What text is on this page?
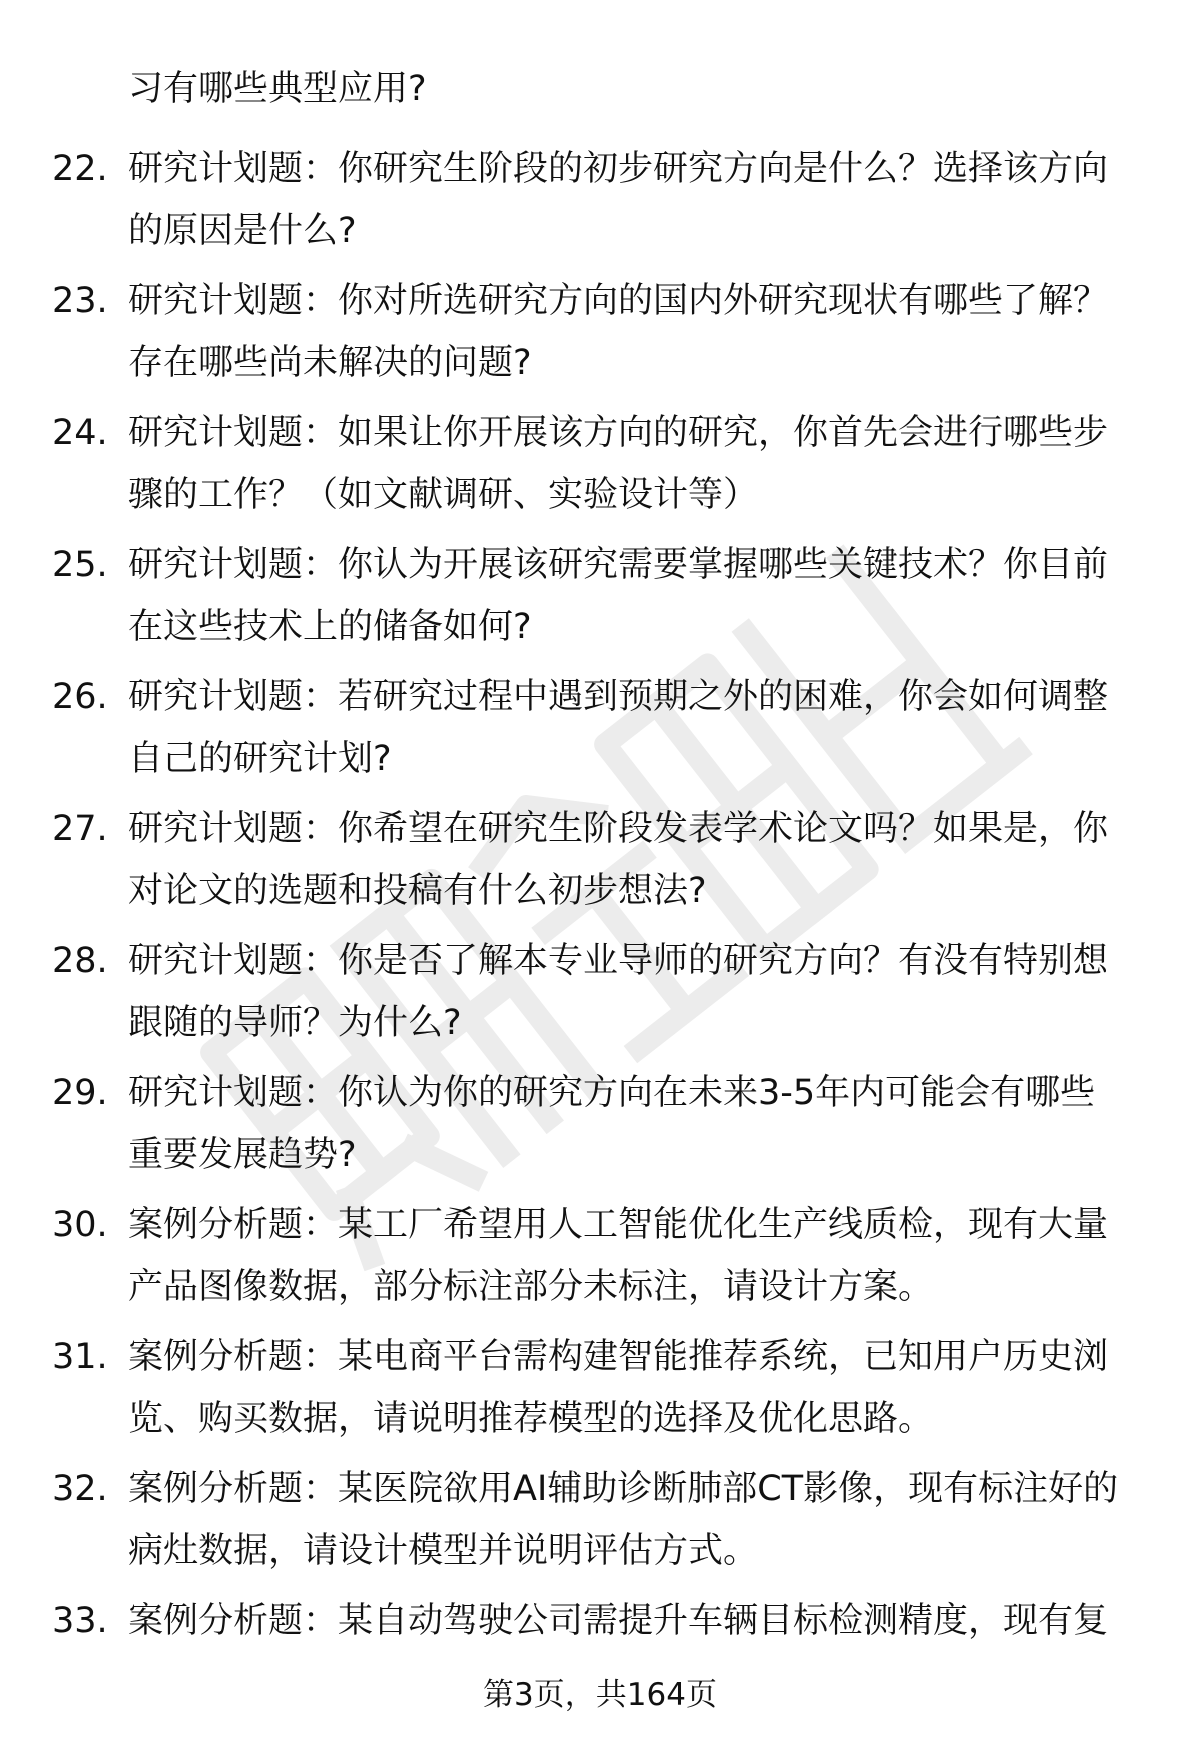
习有哪些典型应用?
22. 研究计划题：你研究生阶段的初步研究方向是什么？选择该方向
的原因是什么?
23. 研究计划题：你对所选研究方向的国内外研究现状有哪些了解？
存在哪些尚未解决的问题?
24. 研究计划题：如果让你开展该方向的研究，你首先会进行哪些步
骤的工作？（如文献调研、实验设计等）
25. 研究计划题：你认为开展该研究需要掌握哪些关键技术？你目前
在这些技术上的储备如何?
26. 研究计划题：若研究过程中遇到预期之外的困难，你会如何调整
自己的研究计划?
27. 研究计划题：你希望在研究生阶段发表学术论文吗？如果是，你
对论文的选题和投稿有什么初步想法?
28. 研究计划题：你是否了解本专业导师的研究方向？有没有特别想
跟随的导师？为什么?
29. 研究计划题：你认为你的研究方向在未来3-5年内可能会有哪些
重要发展趋势?
30. 案例分析题：某工厂希望用人工智能优化生产线质检，现有大量
产品图像数据，部分标注部分未标注，请设计方案。
31. 案例分析题：某电商平台需构建智能推荐系统，已知用户历史浏
览、购买数据，请说明推荐模型的选择及优化思路。
32. 案例分析题：某医院欲用AI辅助诊断肺部CT影像，现有标注好的
病灶数据，请设计模型并说明评估方式。
33. 案例分析题：某自动驾驶公司需提升车辆目标检测精度，现有复
第3页，共164页
